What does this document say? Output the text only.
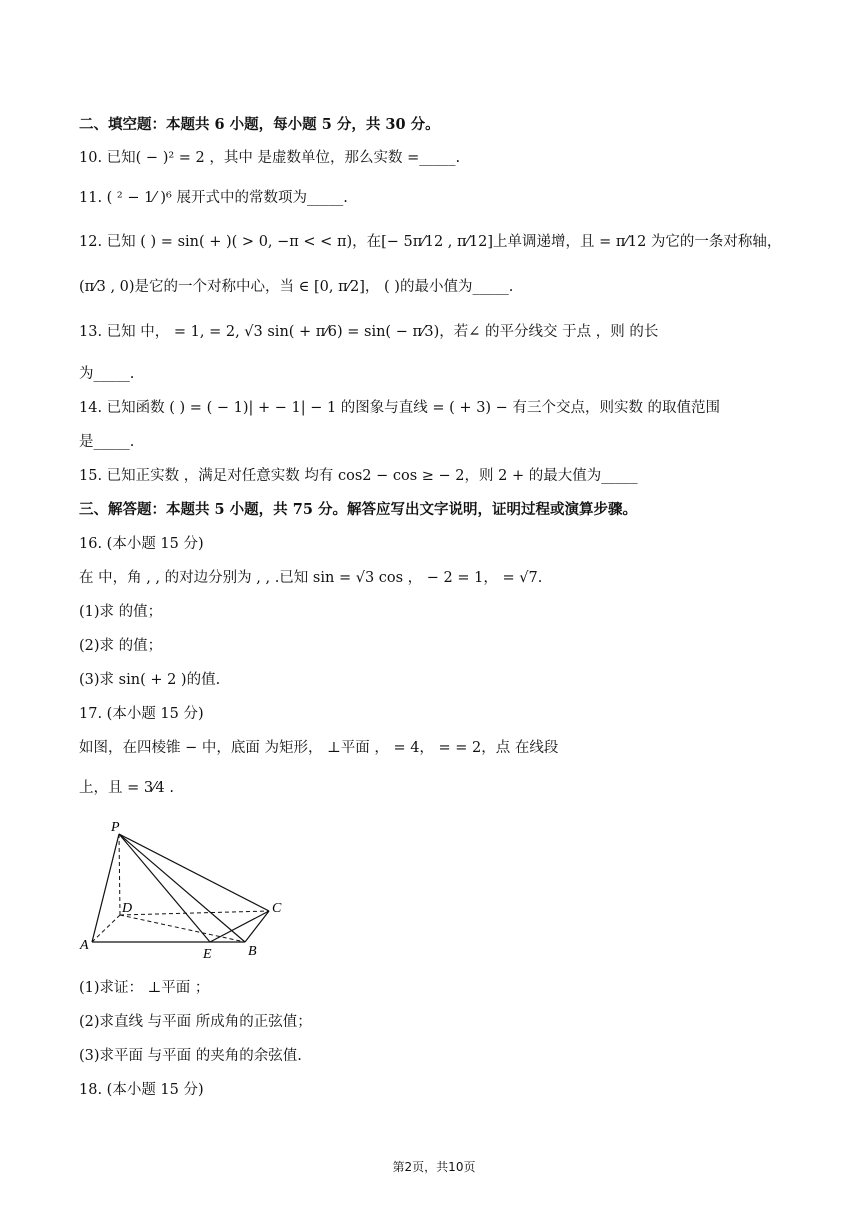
二、填空题：本题共 6 小题，每小题 5 分，共 30 分。
10. 已知( − )² = 2 ，其中 是虚数单位，那么实数 =_____.
11. ( ² − 1⁄ )⁶ 展开式中的常数项为_____.
12. 已知 ( ) = sin( + )( > 0, −π < < π)，在[− 5π⁄12 , π⁄12]上单调递增，且 = π⁄12 为它的一条对称轴，
(π⁄3 , 0)是它的一个对称中心，当 ∈ [0, π⁄2]， ( )的最小值为_____.
13. 已知 中， = 1, = 2, √3 sin( + π⁄6) = sin( − π⁄3)，若∠ 的平分线交 于点 ，则 的长
为_____.
14. 已知函数 ( ) = ( − 1)| + − 1| − 1 的图象与直线 = ( + 3) − 有三个交点，则实数 的取值范围
是_____.
15. 已知正实数 ，满足对任意实数 均有 cos2 − cos ≥ − 2，则 2 + 的最大值为_____
三、解答题：本题共 5 小题，共 75 分。解答应写出文字说明，证明过程或演算步骤。
16. (本小题 15 分)
在 中，角 , , 的对边分别为 , , .已知 sin = √3 cos ， − 2 = 1， = √7.
(1)求 的值；
(2)求 的值；
(3)求 sin( + 2 )的值.
17. (本小题 15 分)
如图，在四棱锥 − 中，底面 为矩形， ⊥平面 ， = 4， = = 2，点 在线段
上，且 = 3⁄4 .
P
A	B
C
D
E
(1)求证： ⊥平面 ；
(2)求直线 与平面 所成角的正弦值；
(3)求平面 与平面 的夹角的余弦值.
18. (本小题 15 分)
第2页，共10页
